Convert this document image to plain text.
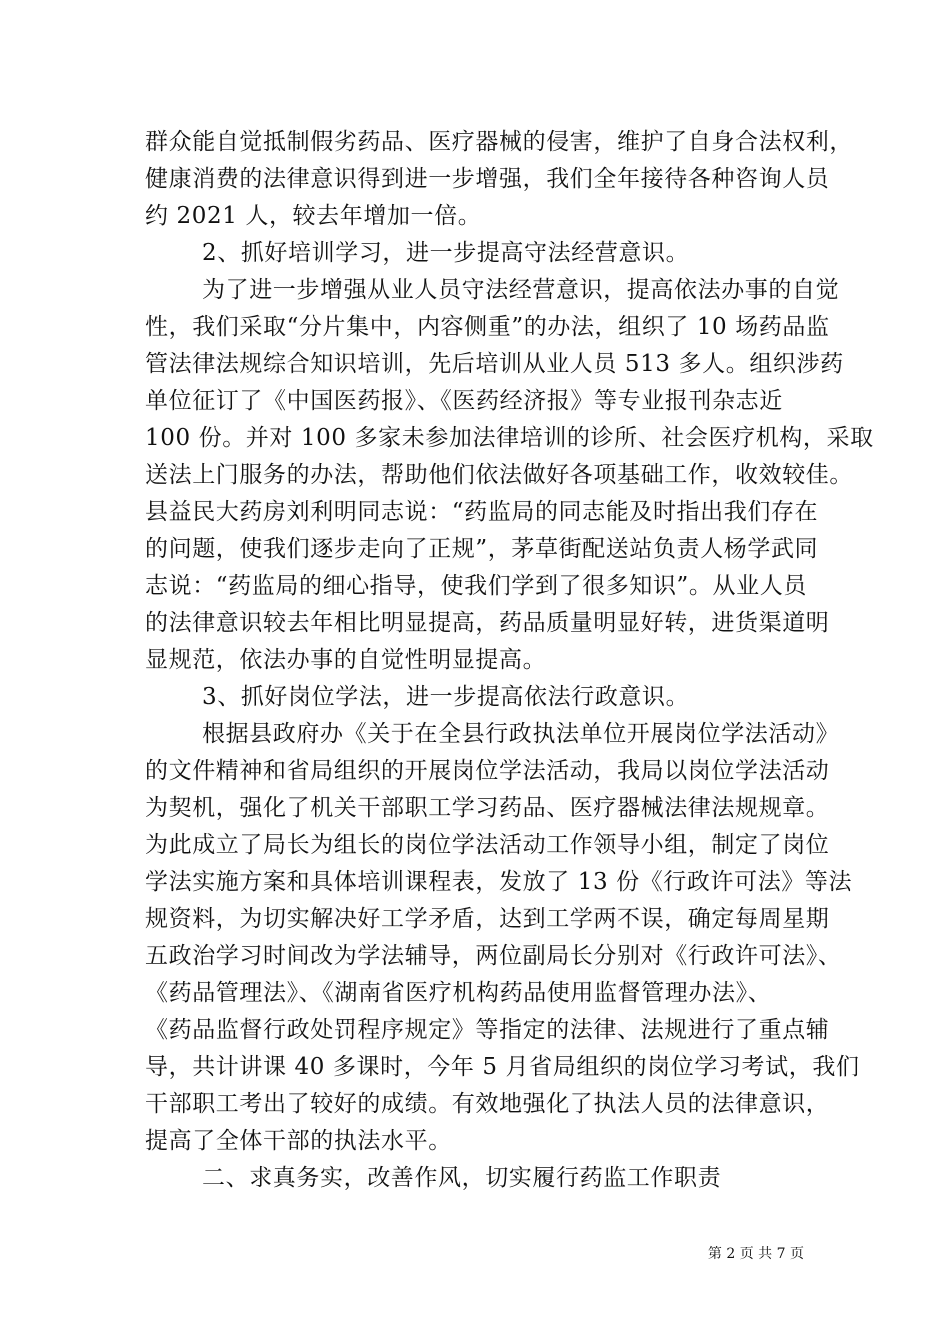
群众能自觉抵制假劣药品、医疗器械的侵害，维护了自身合法权利，
健康消费的法律意识得到进一步增强，我们全年接待各种咨询人员
约 2021 人，较去年增加一倍。
2、抓好培训学习，进一步提高守法经营意识。
为了进一步增强从业人员守法经营意识，提高依法办事的自觉
性，我们采取“分片集中，内容侧重”的办法，组织了 10 场药品监
管法律法规综合知识培训，先后培训从业人员 513 多人。组织涉药
单位征订了《中国医药报》、《医药经济报》等专业报刊杂志近
100 份。并对 100 多家未参加法律培训的诊所、社会医疗机构，采取
送法上门服务的办法，帮助他们依法做好各项基础工作，收效较佳。
县益民大药房刘利明同志说：“药监局的同志能及时指出我们存在
的问题，使我们逐步走向了正规”，茅草街配送站负责人杨学武同
志说：“药监局的细心指导，使我们学到了很多知识”。从业人员
的法律意识较去年相比明显提高，药品质量明显好转，进货渠道明
显规范，依法办事的自觉性明显提高。
3、抓好岗位学法，进一步提高依法行政意识。
根据县政府办《关于在全县行政执法单位开展岗位学法活动》
的文件精神和省局组织的开展岗位学法活动，我局以岗位学法活动
为契机，强化了机关干部职工学习药品、医疗器械法律法规规章。
为此成立了局长为组长的岗位学法活动工作领导小组，制定了岗位
学法实施方案和具体培训课程表，发放了 13 份《行政许可法》等法
规资料，为切实解决好工学矛盾，达到工学两不误，确定每周星期
五政治学习时间改为学法辅导，两位副局长分别对《行政许可法》、
《药品管理法》、《湖南省医疗机构药品使用监督管理办法》、
《药品监督行政处罚程序规定》等指定的法律、法规进行了重点辅
导，共计讲课 40 多课时，今年 5 月省局组织的岗位学习考试，我们
干部职工考出了较好的成绩。有效地强化了执法人员的法律意识，
提高了全体干部的执法水平。
二、求真务实，改善作风，切实履行药监工作职责
第 2 页 共 7 页
